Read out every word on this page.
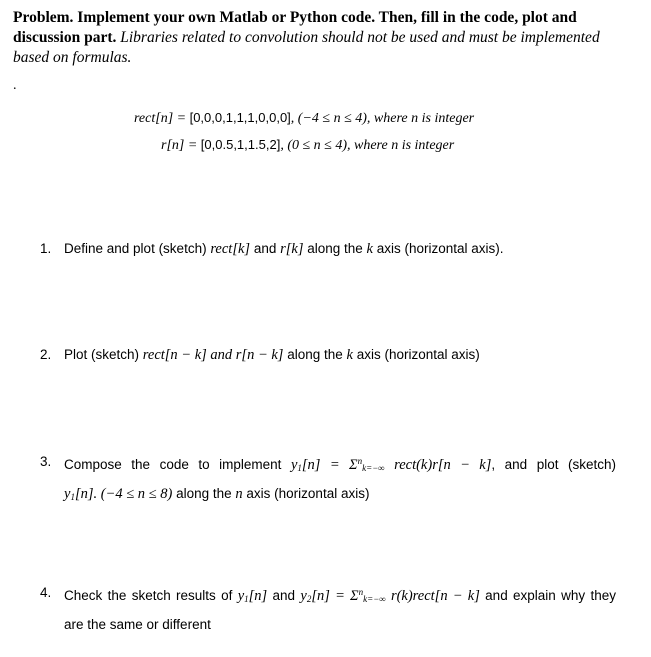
Problem. Implement your own Matlab or Python code. Then, fill in the code, plot and discussion part. Libraries related to convolution should not be used and must be implemented based on formulas.
.
rect[n] = [0,0,0,1,1,1,0,0,0], (−4 ≤ n ≤ 4), where n is integer
r[n] = [0,0.5,1,1.5,2], (0 ≤ n ≤ 4), where n is integer
1. Define and plot (sketch) rect[k] and r[k] along the k axis (horizontal axis).
2. Plot (sketch) rect[n − k] and r[n − k] along the k axis (horizontal axis)
3. Compose the code to implement $y_1[n] = \Sigma^n_{k=-\infty}$ rect(k)r[n − k], and plot (sketch)
$y_1[n]$. (−4 ≤ n ≤ 8) along the n axis (horizontal axis)
4. Check the sketch results of $y_1[n]$ and $y_2[n] = \Sigma^n_{k=-\infty}$ r(k)rect[n − k] and explain why they
are the same or different
